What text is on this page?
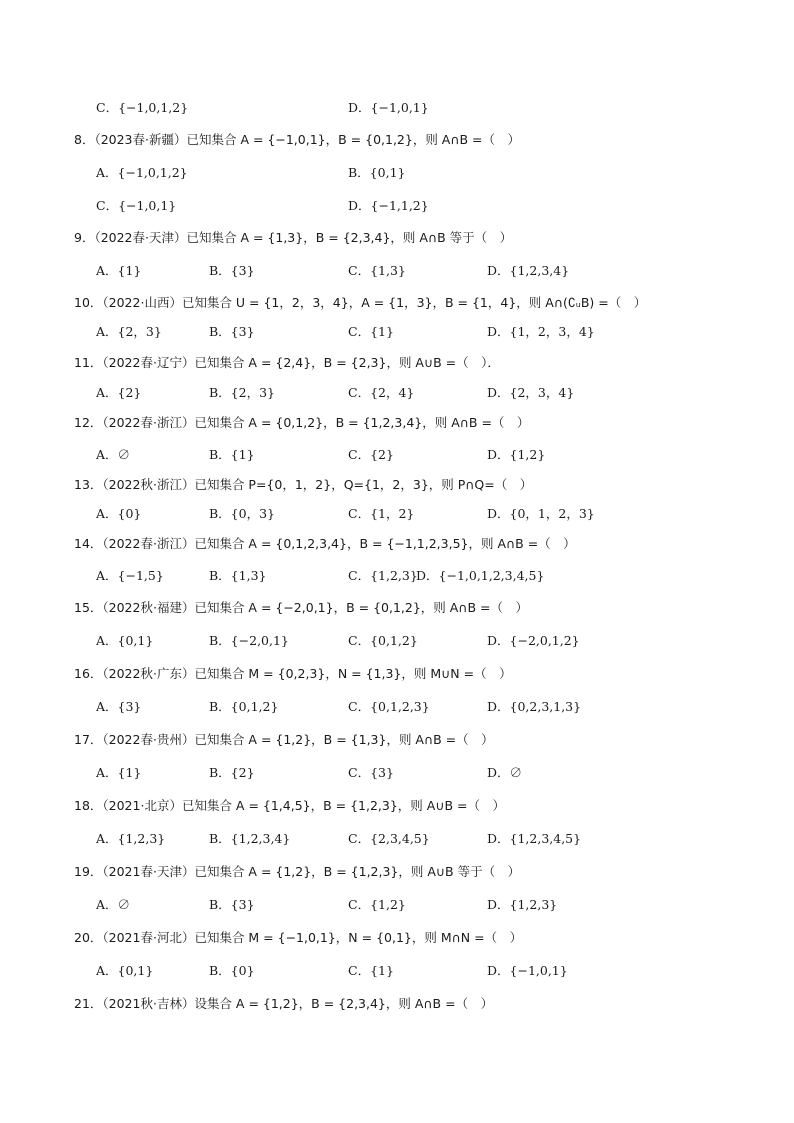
C．{−1,0,1,2}	D．{−1,0,1}
8．（2023春·新疆）已知集合 A = {−1,0,1}，B = {0,1,2}，则 A∩B =（　）
A．{−1,0,1,2}	B．{0,1}
C．{−1,0,1}	D．{−1,1,2}
9．（2022春·天津）已知集合 A = {1,3}，B = {2,3,4}，则 A∩B 等于（　）
A．{1}	B．{3}	C．{1,3}	D．{1,2,3,4}
10．（2022·山西）已知集合 U = {1，2，3，4}，A = {1，3}，B = {1，4}，则 A∩(∁ᵤB) =（　）
A．{2，3}	B．{3}	C．{1}	D．{1，2，3，4}
11．（2022春·辽宁）已知集合 A = {2,4}，B = {2,3}，则 A∪B =（　）．
A．{2}	B．{2，3}	C．{2，4}	D．{2，3，4}
12．（2022春·浙江）已知集合 A = {0,1,2}，B = {1,2,3,4}，则 A∩B =（　）
A．∅	B．{1}	C．{2}	D．{1,2}
13．（2022秋·浙江）已知集合 P={0，1，2}，Q={1，2，3}，则 P∩Q=（　）
A．{0}	B．{0，3}	C．{1，2}	D．{0，1，2，3}
14．（2022春·浙江）已知集合 A = {0,1,2,3,4}，B = {−1,1,2,3,5}，则 A∩B =（　）
A．{−1,5}	B．{1,3}	C．{1,2,3}
D．{−1,0,1,2,3,4,5}
15．（2022秋·福建）已知集合 A = {−2,0,1}，B = {0,1,2}，则 A∩B =（　）
A．{0,1}	B．{−2,0,1}	C．{0,1,2}	D．{−2,0,1,2}
16．（2022秋·广东）已知集合 M = {0,2,3}，N = {1,3}，则 M∪N =（　）
A．{3}	B．{0,1,2}	C．{0,1,2,3}	D．{0,2,3,1,3}
17．（2022春·贵州）已知集合 A = {1,2}，B = {1,3}，则 A∩B =（　）
A．{1}	B．{2}	C．{3}	D．∅
18．（2021·北京）已知集合 A = {1,4,5}，B = {1,2,3}，则 A∪B =（　）
A．{1,2,3}	B．{1,2,3,4}	C．{2,3,4,5}	D．{1,2,3,4,5}
19．（2021春·天津）已知集合 A = {1,2}，B = {1,2,3}，则 A∪B 等于（　）
A．∅	B．{3}	C．{1,2}	D．{1,2,3}
20．（2021春·河北）已知集合 M = {−1,0,1}，N = {0,1}，则 M∩N =（　）
A．{0,1}	B．{0}	C．{1}	D．{−1,0,1}
21．（2021秋·吉林）设集合 A = {1,2}，B = {2,3,4}，则 A∩B =（　）
